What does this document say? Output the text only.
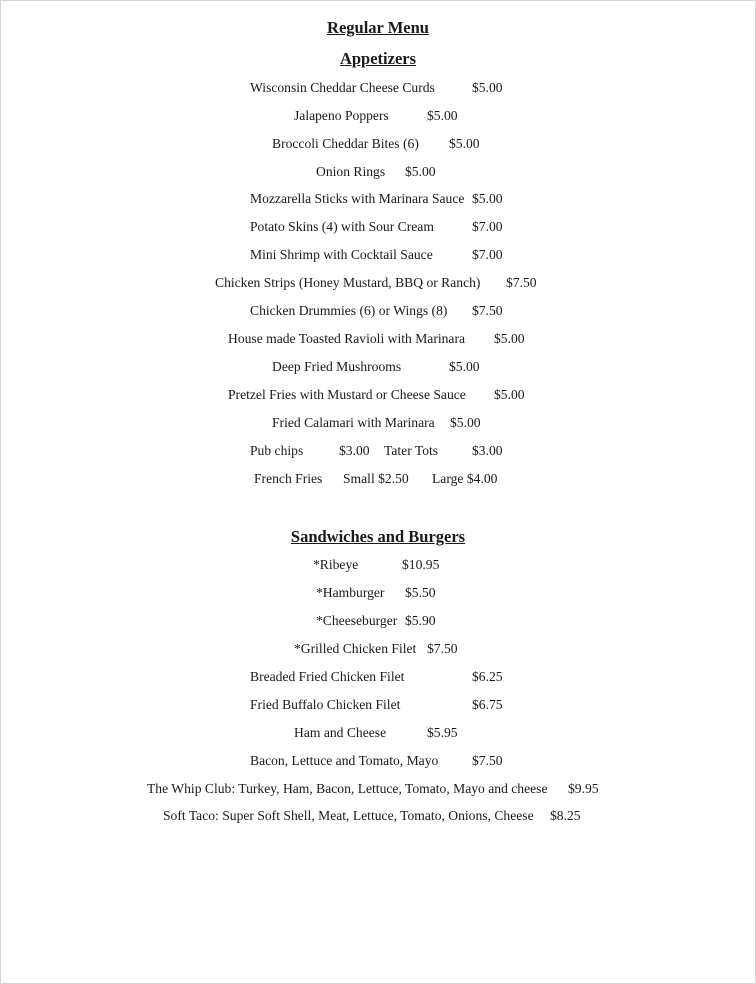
Regular Menu
Appetizers
Wisconsin Cheddar Cheese Curds	$5.00
Jalapeno Poppers	$5.00
Broccoli Cheddar Bites (6) $5.00
Onion Rings $5.00
Mozzarella Sticks with Marinara Sauce $5.00
Potato Skins (4) with Sour Cream	$7.00
Mini Shrimp with Cocktail Sauce	$7.00
Chicken Strips (Honey Mustard, BBQ or Ranch) $7.50
Chicken Drummies (6) or Wings (8) $7.50
House made Toasted Ravioli with Marinara $5.00
Deep Fried Mushrooms	$5.00
Pretzel Fries with Mustard or Cheese Sauce $5.00
Fried Calamari with Marinara $5.00
Pub chips	$3.00 Tater Tots $3.00
French Fries Small $2.50 Large $4.00
Sandwiches and Burgers
*Ribeye	$10.95
*Hamburger $5.50
*Cheeseburger $5.90
*Grilled Chicken Filet $7.50
Breaded Fried Chicken Filet	$6.25
Fried Buffalo Chicken Filet	$6.75
Ham and Cheese	$5.95
Bacon, Lettuce and Tomato, Mayo $7.50
The Whip Club: Turkey, Ham, Bacon, Lettuce, Tomato, Mayo and cheese $9.95
Soft Taco: Super Soft Shell, Meat, Lettuce, Tomato, Onions, Cheese $8.25
